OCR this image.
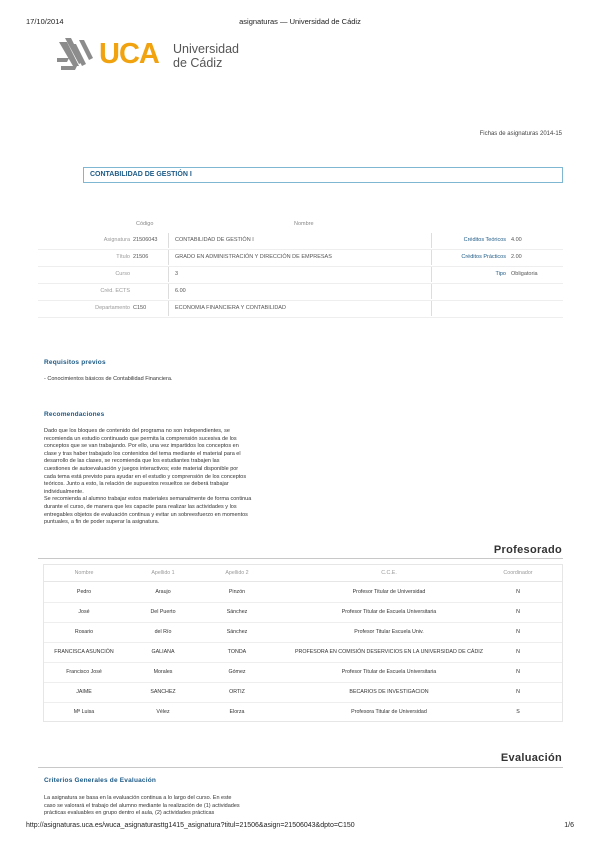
17/10/2014	asignaturas — Universidad de Cádiz
UCA Universidad
de Cádiz
Fichas de asignaturas 2014-15
CONTABILIDAD DE GESTIÓN I
Código	Nombre
Asignatura 21506043	CONTABILIDAD DE GESTIÓN I	Créditos Teóricos 4.00
Título 21506	GRADO EN ADMINISTRACIÓN Y DIRECCIÓN DE EMPRESAS	Créditos Prácticos 2.00
Curso	3	Tipo Obligatoria
Créd. ECTS	6.00
Departamento C150	ECONOMIA FINANCIERA Y CONTABILIDAD
Requisitos previos
- Conocimientos básicos de Contabilidad Financiera.
Recomendaciones
Dado que los bloques de contenido del programa no son independientes, se
recomienda un estudio continuado que permita la comprensión sucesiva de los
conceptos que se van trabajando. Por ello, una vez impartidos los conceptos en
clase y tras haber trabajado los contenidos del tema mediante el material para el
desarrollo de las clases, se recomienda que los estudiantes trabajen las
cuestiones de autoevaluación y juegos interactivos; este material disponible por
cada tema está previsto para ayudar en el estudio y comprensión de los conceptos
teóricos. Junto a esto, la relación de supuestos resueltos se deberá trabajar
individualmente.
Se recomienda al alumno trabajar estos materiales semanalmente de forma continua
durante el curso, de manera que les capacite para realizar las actividades y los
entregables objetos de evaluación continua y evitar un sobreesfuerzo en momentos
puntuales, a fin de poder superar la asignatura.
Profesorado
Nombre	Apellido 1	Apellido 2	C.C.E.	Coordinador
Pedro	Araujo	Pinzón	Profesor Titular de Universidad	N
José	Del Puerto	Sánchez	Profesor Titular de Escuela Universitaria	N
Rosario	del Río	Sánchez	Profesor Titular Escuela Univ.	N
FRANCISCA ASUNCIÓN	GALIANA	TONDA	PROFESORA EN COMISIÓN DESERVICIOS EN LA UNIVERSIDAD DE CÁDIZ	N
Francisco José	Morales	Gómez	Profesor Titular de Escuela Universitaria	N
JAIME	SANCHEZ	ORTIZ	BECARIOS DE INVESTIGACION	N
Mª Luisa	Vélez	Elorza	Profesora Titular de Universidad	S
Evaluación
Criterios Generales de Evaluación
La asignatura se basa en la evaluación continua a lo largo del curso. En este
caso se valorará el trabajo del alumno mediante la realización de (1) actividades
prácticas evaluables en grupo dentro el aula, (2) actividades prácticas
http://asignaturas.uca.es/wuca_asignaturasttg1415_asignatura?titul=21506&asign=21506043&dpto=C150	1/6
